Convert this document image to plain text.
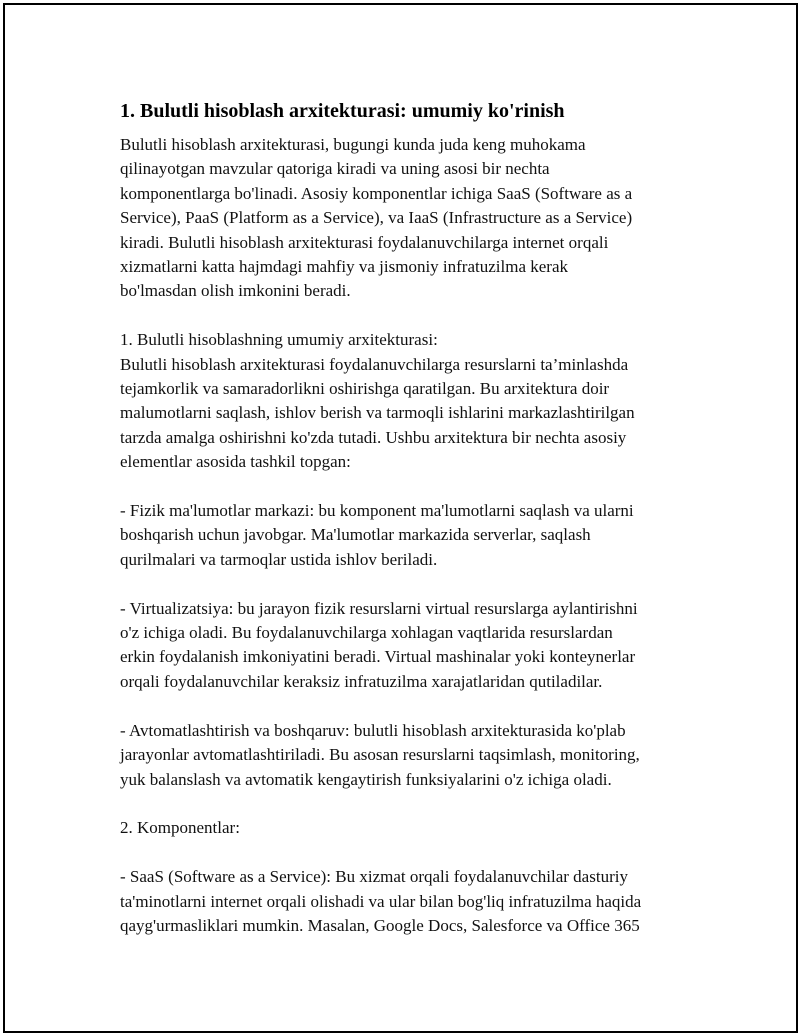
1. Bulutli hisoblash arxitekturasi: umumiy ko'rinish

Bulutli hisoblash arxitekturasi, bugungi kunda juda keng muhokama
qilinayotgan mavzular qatoriga kiradi va uning asosi bir nechta
komponentlarga bo'linadi. Asosiy komponentlar ichiga SaaS (Software as a
Service), PaaS (Platform as a Service), va IaaS (Infrastructure as a Service)
kiradi. Bulutli hisoblash arxitekturasi foydalanuvchilarga internet orqali
xizmatlarni katta hajmdagi mahfiy va jismoniy infratuzilma kerak
bo'lmasdan olish imkonini beradi.

1. Bulutli hisoblashning umumiy arxitekturasi:
Bulutli hisoblash arxitekturasi foydalanuvchilarga resurslarni ta’minlashda
tejamkorlik va samaradorlikni oshirishga qaratilgan. Bu arxitektura doir
malumotlarni saqlash, ishlov berish va tarmoqli ishlarini markazlashtirilgan
tarzda amalga oshirishni ko'zda tutadi. Ushbu arxitektura bir nechta asosiy
elementlar asosida tashkil topgan:

- Fizik ma'lumotlar markazi: bu komponent ma'lumotlarni saqlash va ularni
boshqarish uchun javobgar. Ma'lumotlar markazida serverlar, saqlash
qurilmalari va tarmoqlar ustida ishlov beriladi.

- Virtualizatsiya: bu jarayon fizik resurslarni virtual resurslarga aylantirishni
o'z ichiga oladi. Bu foydalanuvchilarga xohlagan vaqtlarida resurslardan
erkin foydalanish imkoniyatini beradi. Virtual mashinalar yoki konteynerlar
orqali foydalanuvchilar keraksiz infratuzilma xarajatlaridan qutiladilar.

- Avtomatlashtirish va boshqaruv: bulutli hisoblash arxitekturasida ko'plab
jarayonlar avtomatlashtiriladi. Bu asosan resurslarni taqsimlash, monitoring,
yuk balanslash va avtomatik kengaytirish funksiyalarini o'z ichiga oladi.

2. Komponentlar:

- SaaS (Software as a Service): Bu xizmat orqali foydalanuvchilar dasturiy
ta'minotlarni internet orqali olishadi va ular bilan bog'liq infratuzilma haqida
qayg'urmasliklari mumkin. Masalan, Google Docs, Salesforce va Office 365
